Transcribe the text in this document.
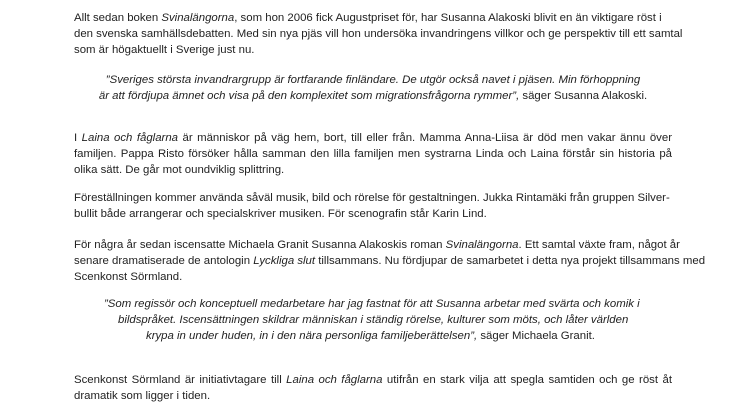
Allt sedan boken Svinalängorna, som hon 2006 fick Augustpriset för, har Susanna Alakoski blivit en än viktigare röst i
den svenska samhällsdebatten. Med sin nya pjäs vill hon undersöka invandringens villkor och ge perspektiv till ett samtal
som är högaktuellt i Sverige just nu.

”Sveriges största invandrargrupp är fortfarande finländare. De utgör också navet i pjäsen. Min förhoppning
är att fördjupa ämnet och visa på den komplexitet som migrationsfrågorna rymmer”, säger Susanna Alakoski.

I Laina och fåglarna är människor på väg hem, bort, till eller från. Mamma Anna-Liisa är död men vakar ännu över
familjen. Pappa Risto försöker hålla samman den lilla familjen men systrarna Linda och Laina förstår sin historia på
olika sätt. De går mot oundviklig splittring.

Föreställningen kommer använda såväl musik, bild och rörelse för gestaltningen. Jukka Rintamäki från gruppen Silver-
bullit både arrangerar och specialskriver musiken. För scenografin står Karin Lind.

För några år sedan iscensatte Michaela Granit Susanna Alakoskis roman Svinalängorna. Ett samtal växte fram, något år
senare dramatiserade de antologin Lyckliga slut tillsammans. Nu fördjupar de samarbetet i detta nya projekt tillsammans med
Scenkonst Sörmland.

”Som regissör och konceptuell medarbetare har jag fastnat för att Susanna arbetar med svärta och komik i
bildspråket. Iscensättningen skildrar människan i ständig rörelse, kulturer som möts, och låter världen
krypa in under huden, in i den nära personliga familjeberättelsen”, säger Michaela Granit.

Scenkonst Sörmland är initiativtagare till Laina och fåglarna utifrån en stark vilja att spegla samtiden och ge röst åt
dramatik som ligger i tiden.
